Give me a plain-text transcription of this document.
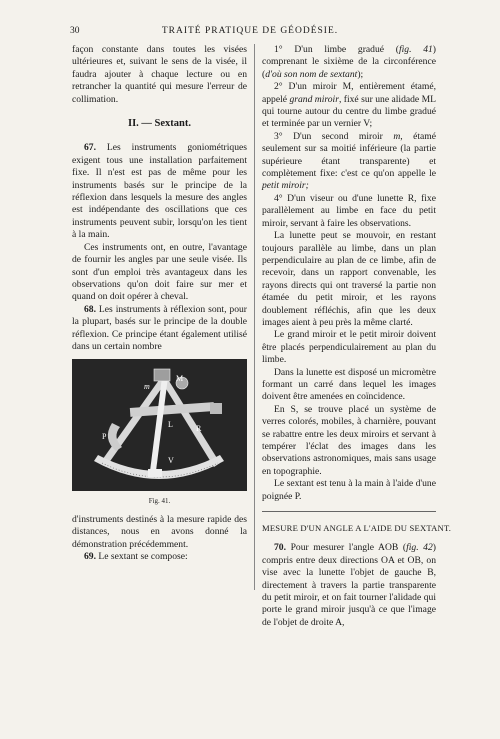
30	TRAITÉ PRATIQUE DE GÉODÉSIE.

façon constante dans toutes les visées ultérieures et, suivant le sens de la visée, il faudra ajouter à chaque lecture ou en retrancher la quantité qui mesure l'erreur de collimation.

II. — Sextant.

67. Les instruments goniométriques exigent tous une installation parfaitement fixe. Il n'est est pas de même pour les instruments basés sur le principe de la réflexion dans lesquels la mesure des angles est indépendante des oscillations que ces instruments peuvent subir, lorsqu'on les tient à la main.

Ces instruments ont, en outre, l'avantage de fournir les angles par une seule visée. Ils sont d'un emploi très avantageux dans les observations qu'on doit faire sur mer et quand on doit opérer à cheval.

68. Les instruments à réflexion sont, pour la plupart, basés sur le principe de la double réflexion. Ce principe étant également utilisé dans un certain nombre

M
m
R
L
P
V
Fig. 41.

d'instruments destinés à la mesure rapide des distances, nous en avons donné la démonstration précédemment.

69. Le sextant se compose:

1° D'un limbe gradué (fig. 41) comprenant le sixième de la circonférence (d'où son nom de sextant);

2° D'un miroir M, entièrement étamé, appelé grand miroir, fixé sur une alidade ML qui tourne autour du centre du limbe gradué et terminée par un vernier V;

3° D'un second miroir m, étamé seulement sur sa moitié inférieure (la partie supérieure étant transparente) et complètement fixe: c'est ce qu'on appelle le petit miroir;

4° D'un viseur ou d'une lunette R, fixe parallèlement au limbe en face du petit miroir, servant à faire les observations.

La lunette peut se mouvoir, en restant toujours parallèle au limbe, dans un plan perpendiculaire au plan de ce limbe, afin de recevoir, dans un rapport convenable, les rayons directs qui ont traversé la partie non étamée du petit miroir, et les rayons doublement réfléchis, afin que les deux images aient à peu près la même clarté.

Le grand miroir et le petit miroir doivent être placés perpendiculairement au plan du limbe.

Dans la lunette est disposé un micromètre formant un carré dans lequel les images doivent être amenées en coïncidence.

En S, se trouve placé un système de verres colorés, mobiles, à charnière, pouvant se rabattre entre les deux miroirs et servant à tempérer l'éclat des images dans les observations astronomiques, mais sans usage en topographie.

Le sextant est tenu à la main à l'aide d'une poignée P.

MESURE D'UN ANGLE A L'AIDE DU SEXTANT.

70. Pour mesurer l'angle AOB (fig. 42) compris entre deux directions OA et OB, on vise avec la lunette l'objet de gauche B, directement à travers la partie transparente du petit miroir, et on fait tourner l'alidade qui porte le grand miroir jusqu'à ce que l'image de l'objet de droite A,
